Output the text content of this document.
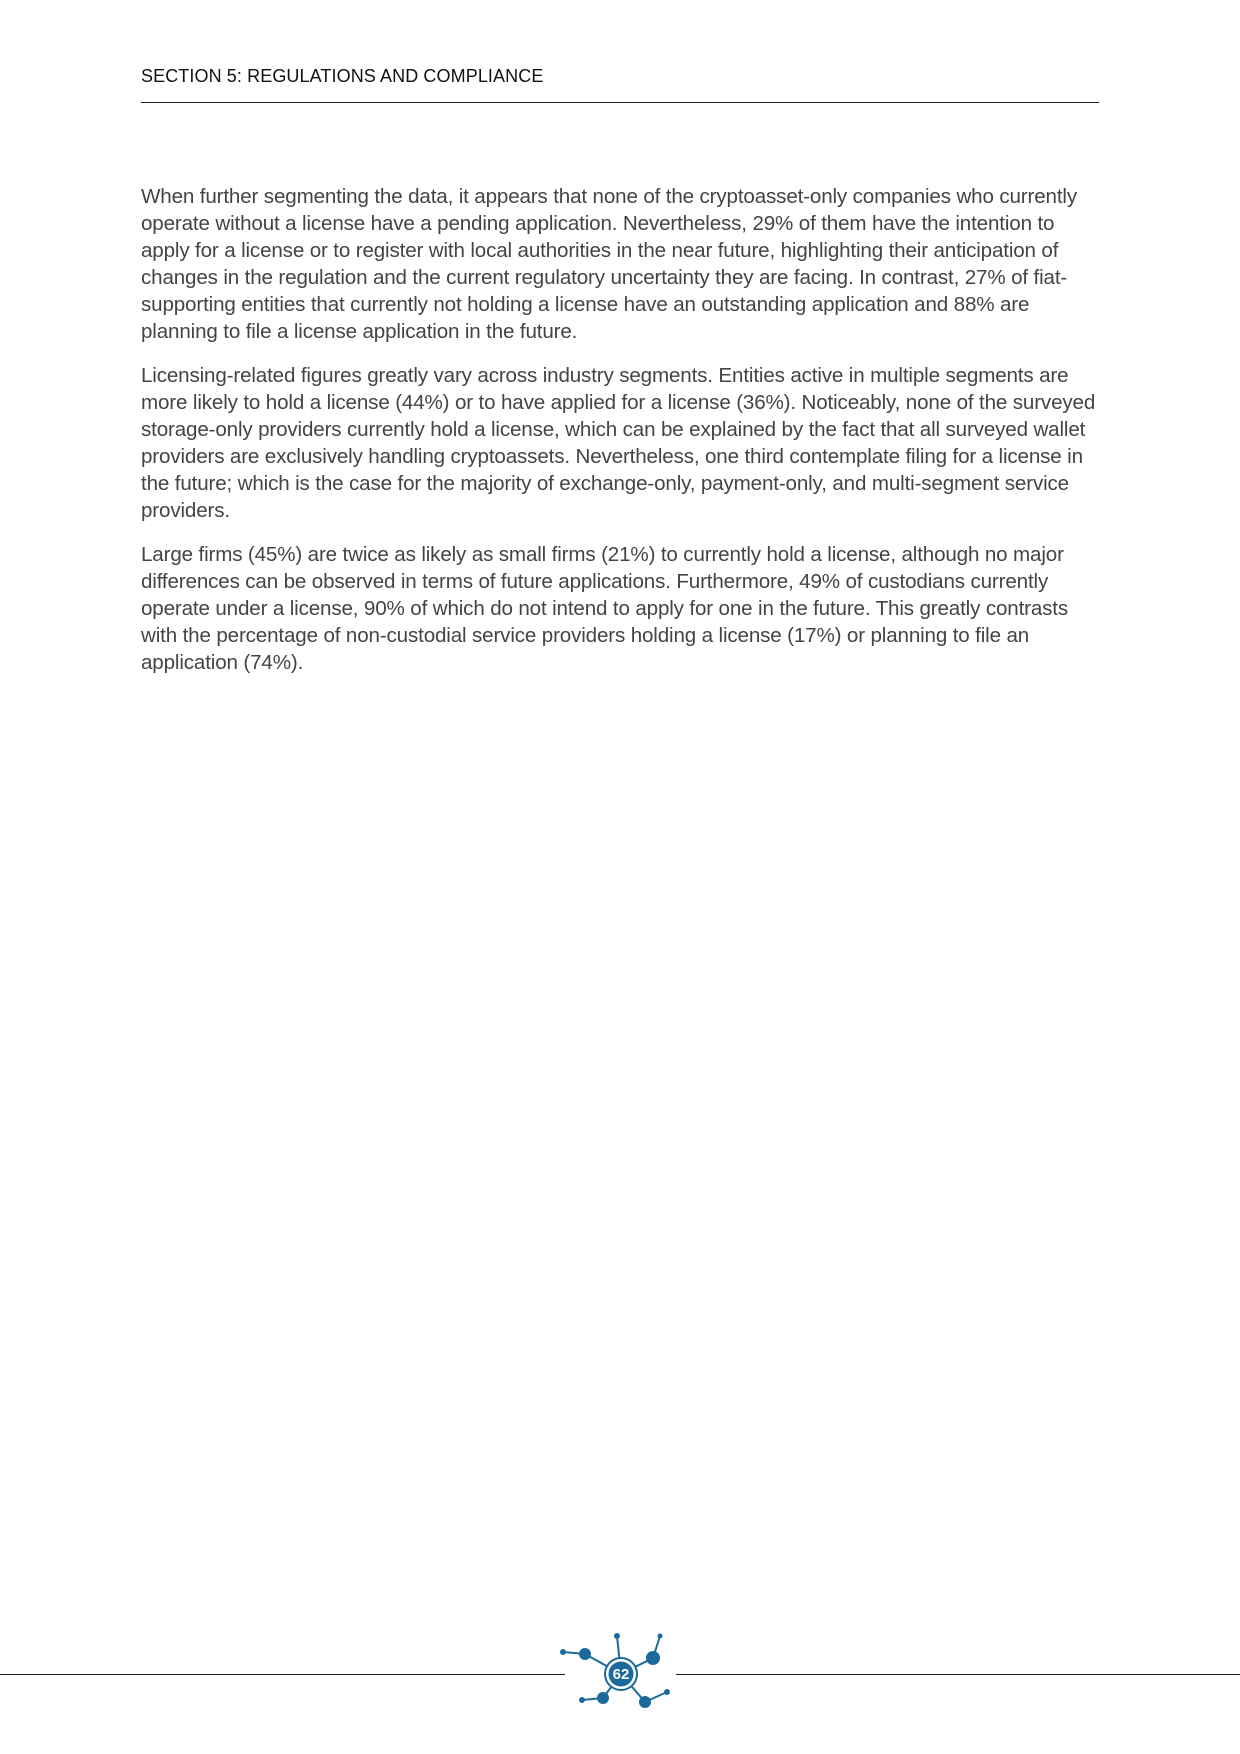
SECTION 5: REGULATIONS AND COMPLIANCE

When further segmenting the data, it appears that none of the cryptoasset-only companies who currently operate without a license have a pending application. Nevertheless, 29% of them have the intention to apply for a license or to register with local authorities in the near future, highlighting their anticipation of changes in the regulation and the current regulatory uncertainty they are facing. In contrast, 27% of fiat-supporting entities that currently not holding a license have an outstanding application and 88% are planning to file a license application in the future.

Licensing-related figures greatly vary across industry segments. Entities active in multiple segments are more likely to hold a license (44%) or to have applied for a license (36%). Noticeably, none of the surveyed storage-only providers currently hold a license, which can be explained by the fact that all surveyed wallet providers are exclusively handling cryptoassets. Nevertheless, one third contemplate filing for a license in the future; which is the case for the majority of exchange-only, payment-only, and multi-segment service providers.

Large firms (45%) are twice as likely as small firms (21%) to currently hold a license, although no major differences can be observed in terms of future applications. Furthermore, 49% of custodians currently operate under a license, 90% of which do not intend to apply for one in the future. This greatly contrasts with the percentage of non-custodial service providers holding a license (17%) or planning to file an application (74%).

62
